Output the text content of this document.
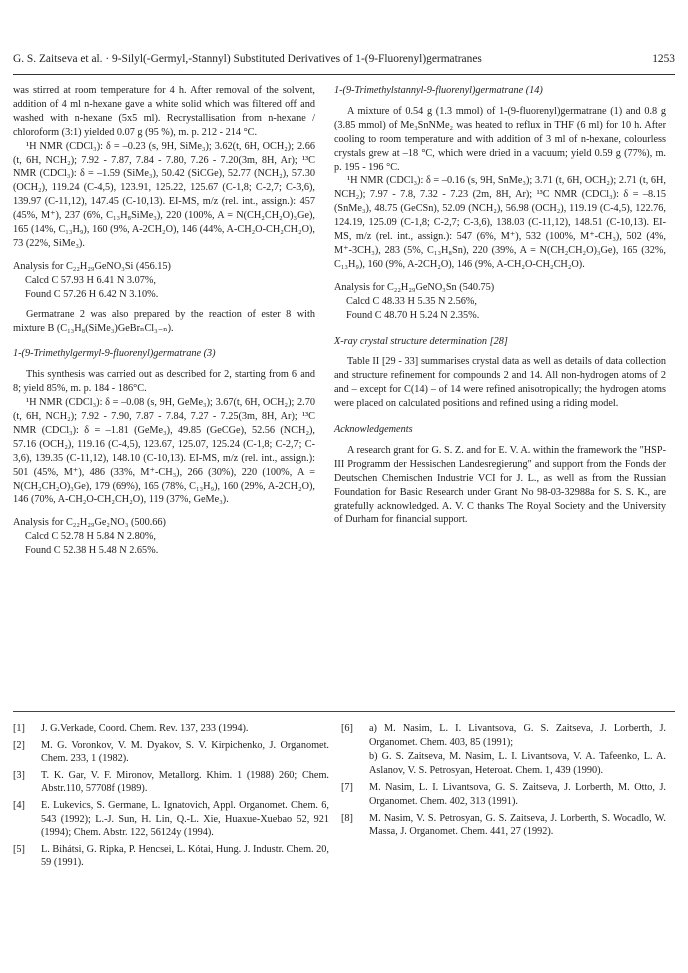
G. S. Zaitseva et al. · 9-Silyl(-Germyl,-Stannyl) Substituted Derivatives of 1-(9-Fluorenyl)germatranes	1253

was stirred at room temperature for 4 h. After removal of the solvent, addition of 4 ml n-hexane gave a white solid which was filtered off and washed with n-hexane (5x5 ml). Recrystallisation from n-hexane / chloroform (3:1) yielded 0.07 g (95 %), m. p. 212 - 214 °C.

¹H NMR (CDCl₃): δ = –0.23 (s, 9H, SiMe₃); 3.62(t, 6H, OCH₂); 2.66 (t, 6H, NCH₂); 7.92 - 7.87, 7.84 - 7.80, 7.26 - 7.20(3m, 8H, Ar); ¹³C NMR (CDCl₃): δ = –1.59 (SiMe₃), 50.42 (SiCGe), 52.77 (NCH₂), 57.30 (OCH₂), 119.24 (C-4,5), 123.91, 125.22, 125.67 (C-1,8; C-2,7; C-3,6), 139.97 (C-11,12), 147.45 (C-10,13). EI-MS, m/z (rel. int., assign.): 457 (45%, M⁺), 237 (6%, C₁₃H₈SiMe₃), 220 (100%, A = N(CH₂CH₂O)₃Ge), 165 (14%, C₁₃H₉), 160 (9%, A-2CH₂O), 146 (44%, A-CH₂O-CH₂CH₂O), 73 (22%, SiMe₃).

Analysis for C₂₂H₂₉GeNO₃Si (456.15)
Calcd C 57.93 H 6.41 N 3.07%,
Found C 57.26 H 6.42 N 3.10%.

Germatrane 2 was also prepared by the reaction of ester 8 with mixture B (C₁₃H₈(SiMe₃)GeBrₙCl₃₋ₙ).

1-(9-Trimethylgermyl-9-fluorenyl)germatrane (3)

This synthesis was carried out as described for 2, starting from 6 and 8; yield 85%, m. p. 184 - 186°C.

¹H NMR (CDCl₃): δ = –0.08 (s, 9H, GeMe₃); 3.67(t, 6H, OCH₂); 2.70 (t, 6H, NCH₂); 7.92 - 7.90, 7.87 - 7.84, 7.27 - 7.25(3m, 8H, Ar); ¹³C NMR (CDCl₃): δ = –1.81 (GeMe₃), 49.85 (GeCGe), 52.56 (NCH₂), 57.16 (OCH₂), 119.16 (C-4,5), 123.67, 125.07, 125.24 (C-1,8; C-2,7; C-3,6), 139.35 (C-11,12), 148.10 (C-10,13). EI-MS, m/z (rel. int., assign.): 501 (45%, M⁺), 486 (33%, M⁺-CH₃), 266 (30%), 220 (100%, A = N(CH₂CH₂O)₃Ge), 179 (69%), 165 (78%, C₁₃H₉), 160 (29%, A-2CH₂O), 146 (70%, A-CH₂O-CH₂CH₂O), 119 (37%, GeMe₃).

Analysis for C₂₂H₂₉Ge₂NO₃ (500.66)
Calcd C 52.78 H 5.84 N 2.80%,
Found C 52.38 H 5.48 N 2.65%.

1-(9-Trimethylstannyl-9-fluorenyl)germatrane (14)

A mixture of 0.54 g (1.3 mmol) of 1-(9-fluorenyl)germatrane (1) and 0.8 g (3.85 mmol) of Me₃SnNMe₂ was heated to reflux in THF (6 ml) for 10 h. After cooling to room temperature and with addition of 3 ml of n-hexane, colourless crystals grew at –18 °C, which were dried in a vacuum; yield 0.59 g (77%), m. p. 195 - 196 °C.

¹H NMR (CDCl₃): δ = –0.16 (s, 9H, SnMe₃); 3.71 (t, 6H, OCH₂); 2.71 (t, 6H, NCH₂); 7.97 - 7.8, 7.32 - 7.23 (2m, 8H, Ar); ¹³C NMR (CDCl₃): δ = –8.15 (SnMe₃), 48.75 (GeCSn), 52.09 (NCH₂), 56.98 (OCH₂), 119.19 (C-4,5), 122.76, 124.19, 125.09 (C-1,8; C-2,7; C-3,6), 138.03 (C-11,12), 148.51 (C-10,13). EI-MS, m/z (rel. int., assign.): 547 (6%, M⁺), 532 (100%, M⁺-CH₃), 502 (4%, M⁺-3CH₃), 283 (5%, C₁₃H₈Sn), 220 (39%, A = N(CH₂CH₂O)₃Ge), 165 (32%, C₁₃H₉), 160 (9%, A-2CH₂O), 146 (9%, A-CH₂O-CH₂CH₂O).

Analysis for C₂₂H₂₉GeNO₃Sn (540.75)
Calcd C 48.33 H 5.35 N 2.56%,
Found C 48.70 H 5.24 N 2.35%.

X-ray crystal structure determination [28]

Table II [29 - 33] summarises crystal data as well as details of data collection and structure refinement for compounds 2 and 14. All non-hydrogen atoms of 2 and – except for C(14) – of 14 were refined anisotropically; the hydrogen atoms were placed on calculated positions and refined using a riding model.

Acknowledgements

A research grant for G. S. Z. and for E. V. A. within the framework the "HSP-III Programm der Hessischen Landesregierung" and support from the Fonds der Deutschen Chemischen Industrie VCI for J. L., as well as from the Russian Foundation for Basic Research under Grant No 98-03-32988a for S. S. K., are gratefully acknowledged. A. V. C thanks The Royal Society and the University of Durham for financial support.

[1]	J. G.Verkade, Coord. Chem. Rev. 137, 233 (1994).
[2]	M. G. Voronkov, V. M. Dyakov, S. V. Kirpichenko, J. Organomet. Chem. 233, 1 (1982).
[3]	T. K. Gar, V. F. Mironov, Metallorg. Khim. 1 (1988) 260; Chem. Abstr.110, 57708f (1989).
[4]	E. Lukevics, S. Germane, L. Ignatovich, Appl. Organomet. Chem. 6, 543 (1992); L.-J. Sun, H. Lin, Q.-L. Xie, Huaxue-Xuebao 52, 921 (1994); Chem. Abstr. 122, 56124y (1994).
[5]	L. Bihátsi, G. Ripka, P. Hencsei, L. Kótai, Hung. J. Industr. Chem. 20, 59 (1991).
[6]	a) M. Nasim, L. I. Livantsova, G. S. Zaitseva, J. Lorberth, J. Organomet. Chem. 403, 85 (1991);
b) G. S. Zaitseva, M. Nasim, L. I. Livantsova, V. A. Tafeenko, L. A. Aslanov, V. S. Petrosyan, Heteroat. Chem. 1, 439 (1990).
[7]	M. Nasim, L. I. Livantsova, G. S. Zaitseva, J. Lorberth, M. Otto, J. Organomet. Chem. 402, 313 (1991).
[8]	M. Nasim, V. S. Petrosyan, G. S. Zaitseva, J. Lorberth, S. Wocadlo, W. Massa, J. Organomet. Chem. 441, 27 (1992).
